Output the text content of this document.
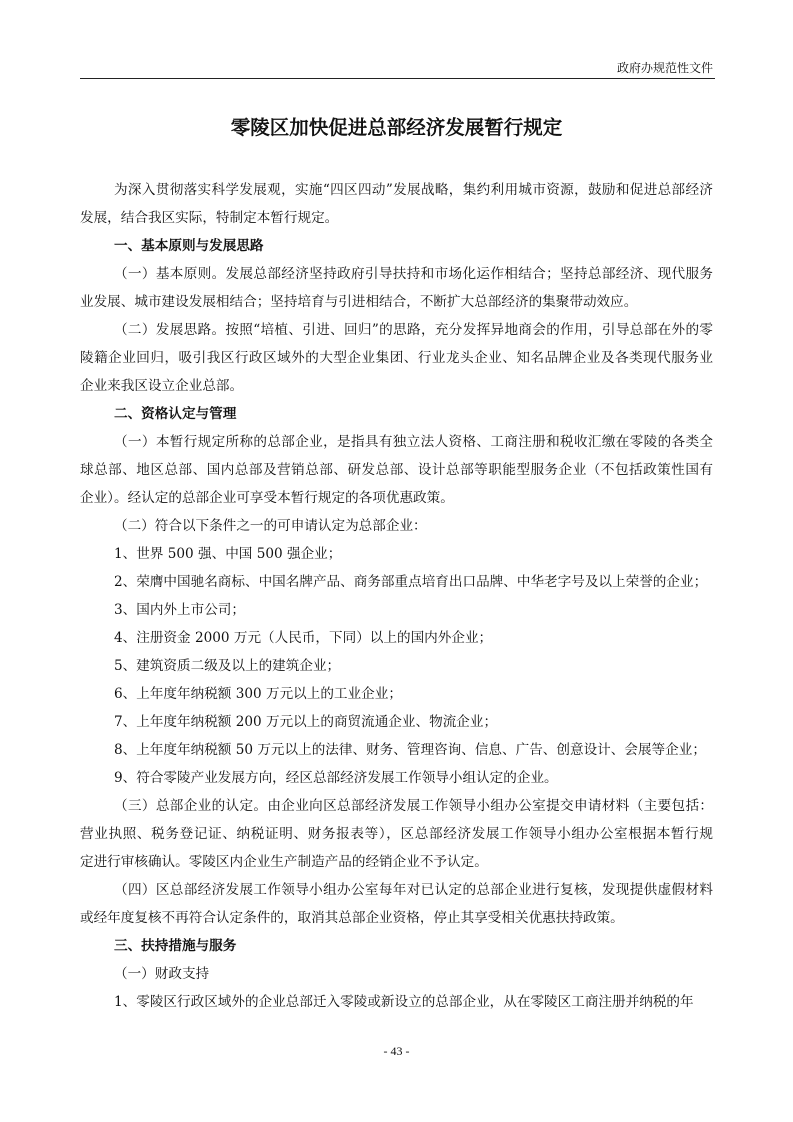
政府办规范性文件
零陵区加快促进总部经济发展暂行规定
为深入贯彻落实科学发展观，实施“四区四动”发展战略，集约利用城市资源，鼓励和促进总部经济
发展，结合我区实际，特制定本暂行规定。
一、基本原则与发展思路
（一）基本原则。发展总部经济坚持政府引导扶持和市场化运作相结合；坚持总部经济、现代服务
业发展、城市建设发展相结合；坚持培育与引进相结合，不断扩大总部经济的集聚带动效应。
（二）发展思路。按照“培植、引进、回归”的思路，充分发挥异地商会的作用，引导总部在外的零
陵籍企业回归，吸引我区行政区域外的大型企业集团、行业龙头企业、知名品牌企业及各类现代服务业
企业来我区设立企业总部。
二、资格认定与管理
（一）本暂行规定所称的总部企业，是指具有独立法人资格、工商注册和税收汇缴在零陵的各类全
球总部、地区总部、国内总部及营销总部、研发总部、设计总部等职能型服务企业（不包括政策性国有
企业）。经认定的总部企业可享受本暂行规定的各项优惠政策。
（二）符合以下条件之一的可申请认定为总部企业：
1、世界 500 强、中国 500 强企业；
2、荣膺中国驰名商标、中国名牌产品、商务部重点培育出口品牌、中华老字号及以上荣誉的企业；
3、国内外上市公司；
4、注册资金 2000 万元（人民币，下同）以上的国内外企业；
5、建筑资质二级及以上的建筑企业；
6、上年度年纳税额 300 万元以上的工业企业；
7、上年度年纳税额 200 万元以上的商贸流通企业、物流企业；
8、上年度年纳税额 50 万元以上的法律、财务、管理咨询、信息、广告、创意设计、会展等企业；
9、符合零陵产业发展方向，经区总部经济发展工作领导小组认定的企业。
（三）总部企业的认定。由企业向区总部经济发展工作领导小组办公室提交申请材料（主要包括：
营业执照、税务登记证、纳税证明、财务报表等），区总部经济发展工作领导小组办公室根据本暂行规
定进行审核确认。零陵区内企业生产制造产品的经销企业不予认定。
（四）区总部经济发展工作领导小组办公室每年对已认定的总部企业进行复核，发现提供虚假材料
或经年度复核不再符合认定条件的，取消其总部企业资格，停止其享受相关优惠扶持政策。
三、扶持措施与服务
（一）财政支持
1、零陵区行政区域外的企业总部迁入零陵或新设立的总部企业，从在零陵区工商注册并纳税的年
- 43 -
